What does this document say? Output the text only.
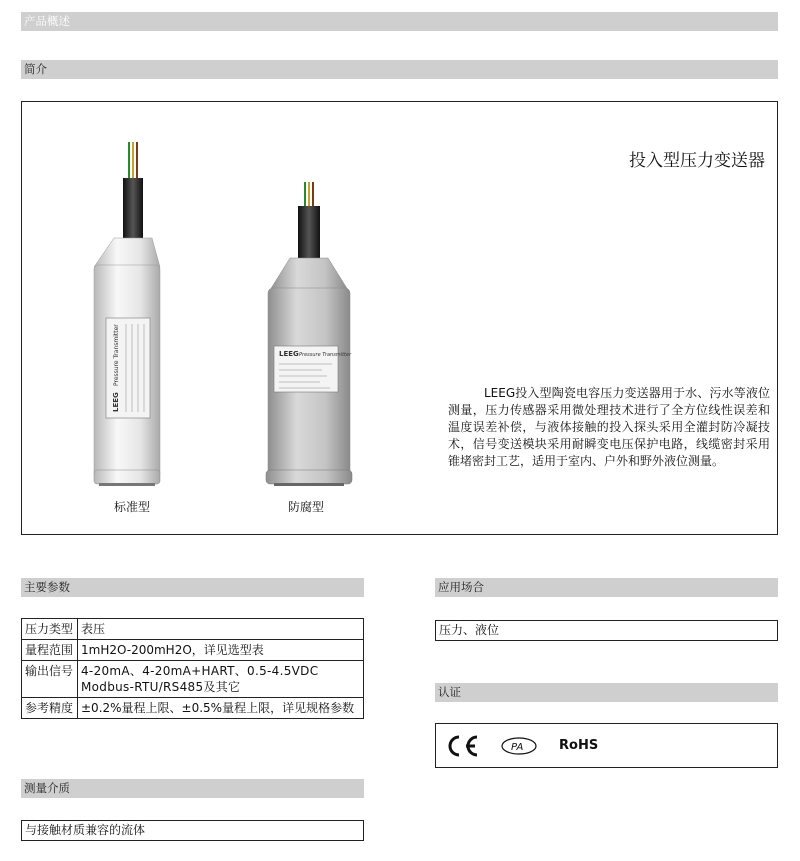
产品概述
简介
投入型压力变送器
LEEG
Pressure Transmitter	LEEG Pressure Transmitter
标准型	防腐型
LEEG投入型陶瓷电容压力变送器用于水、污水等液位测量，压力传感器采用微处理技术进行了全方位线性误差和温度误差补偿，与液体接触的投入探头采用全灌封防冷凝技术，信号变送模块采用耐瞬变电压保护电路，线缆密封采用锥堵密封工艺，适用于室内、户外和野外液位测量。
主要参数
压力类型	表压
量程范围	1mH2O-200mH2O，详见选型表
输出信号	4-20mA、4-20mA+HART、0.5-4.5VDC Modbus-RTU/RS485及其它
参考精度	±0.2%量程上限、±0.5%量程上限，详见规格参数
测量介质
与接触材质兼容的流体
应用场合
压力、液位
认证
PA	RoHS
